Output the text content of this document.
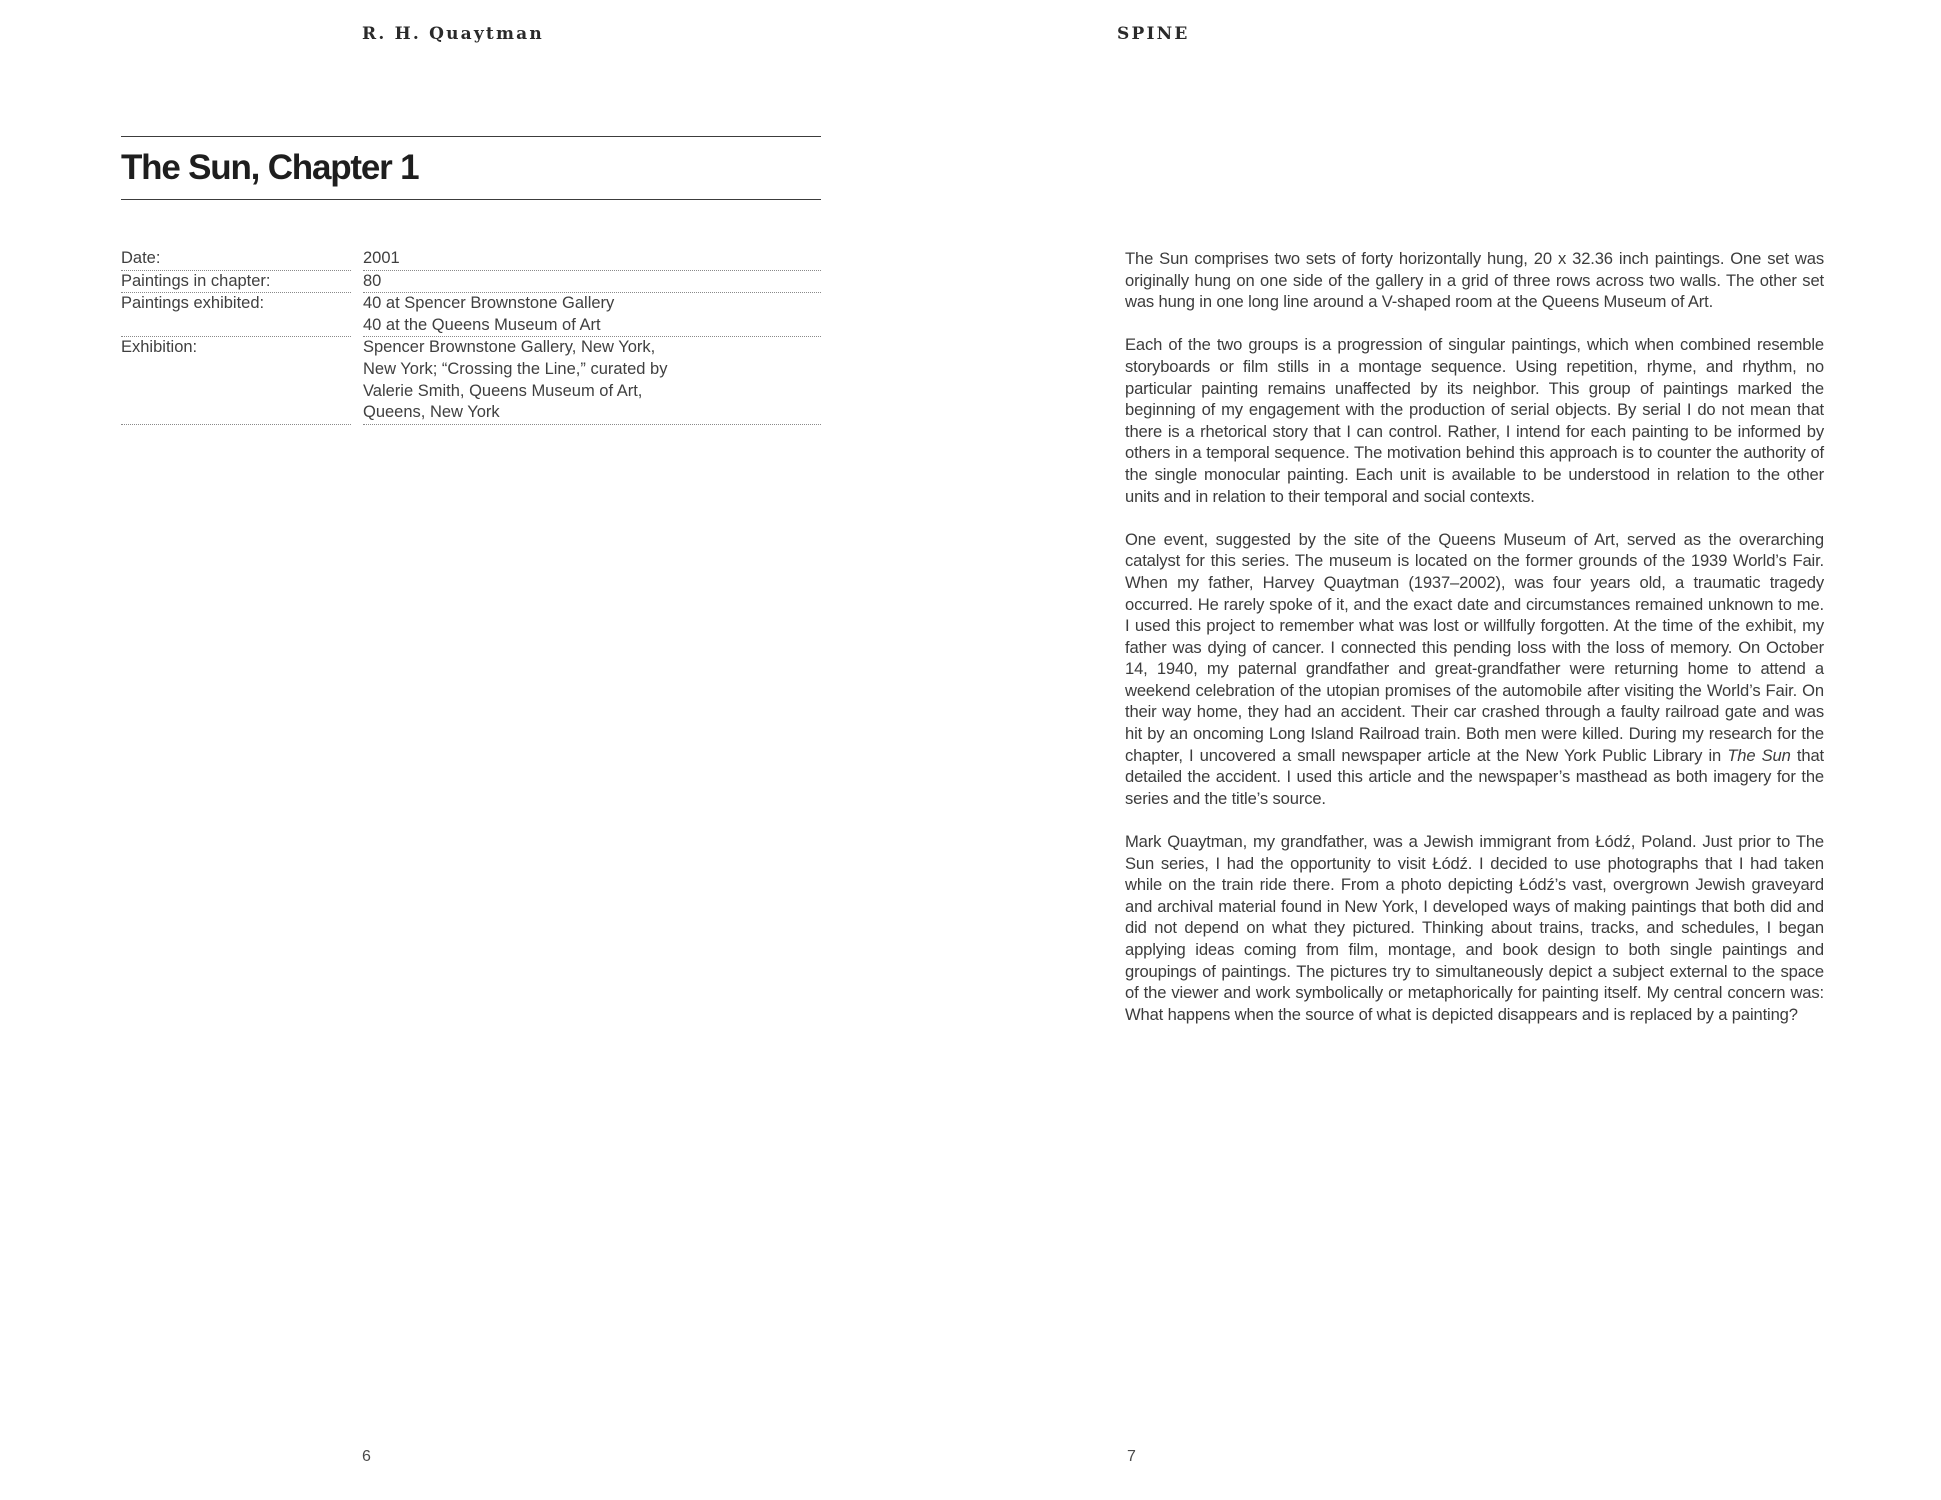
R. H. Quaytman
The Sun, Chapter 1
Date:	2001
Paintings in chapter:	80
Paintings exhibited:	40 at Spencer Brownstone Gallery
40 at the Queens Museum of Art
Exhibition:	Spencer Brownstone Gallery, New York,
New York; “Crossing the Line,” curated by
Valerie Smith, Queens Museum of Art,
Queens, New York
6
SPINE

The Sun comprises two sets of forty horizontally hung, 20 x 32.36 inch paintings. One set was originally hung on one side of the gallery in a grid of three rows across two walls. The other set was hung in one long line around a V-shaped room at the Queens Museum of Art.

Each of the two groups is a progression of singular paintings, which when combined resemble storyboards or film stills in a montage sequence. Using repetition, rhyme, and rhythm, no particular painting remains unaffected by its neighbor. This group of paintings marked the beginning of my engagement with the production of serial objects. By serial I do not mean that there is a rhetorical story that I can control. Rather, I intend for each painting to be informed by others in a temporal sequence. The motivation behind this approach is to counter the authority of the single monocular painting. Each unit is available to be understood in relation to the other units and in relation to their temporal and social contexts.

One event, suggested by the site of the Queens Museum of Art, served as the overarching catalyst for this series. The museum is located on the former grounds of the 1939 World’s Fair. When my father, Harvey Quaytman (1937–2002), was four years old, a traumatic tragedy occurred. He rarely spoke of it, and the exact date and circumstances remained unknown to me. I used this project to remember what was lost or willfully forgotten. At the time of the exhibit, my father was dying of cancer. I connected this pending loss with the loss of memory. On October 14, 1940, my paternal grandfather and great-grandfather were returning home to attend a weekend celebration of the utopian promises of the automobile after visiting the World’s Fair. On their way home, they had an accident. Their car crashed through a faulty railroad gate and was hit by an oncoming Long Island Railroad train. Both men were killed. During my research for the chapter, I uncovered a small newspaper article at the New York Public Library in The Sun that detailed the accident. I used this article and the newspaper’s masthead as both imagery for the series and the title’s source.

Mark Quaytman, my grandfather, was a Jewish immigrant from Łódź, Poland. Just prior to The Sun series, I had the opportunity to visit Łódź. I decided to use photographs that I had taken while on the train ride there. From a photo depicting Łódź’s vast, overgrown Jewish graveyard and archival material found in New York, I developed ways of making paintings that both did and did not depend on what they pictured. Thinking about trains, tracks, and schedules, I began applying ideas coming from film, montage, and book design to both single paintings and groupings of paintings. The pictures try to simultaneously depict a subject external to the space of the viewer and work symbolically or metaphorically for painting itself. My central concern was: What happens when the source of what is depicted disappears and is replaced by a painting?

7
